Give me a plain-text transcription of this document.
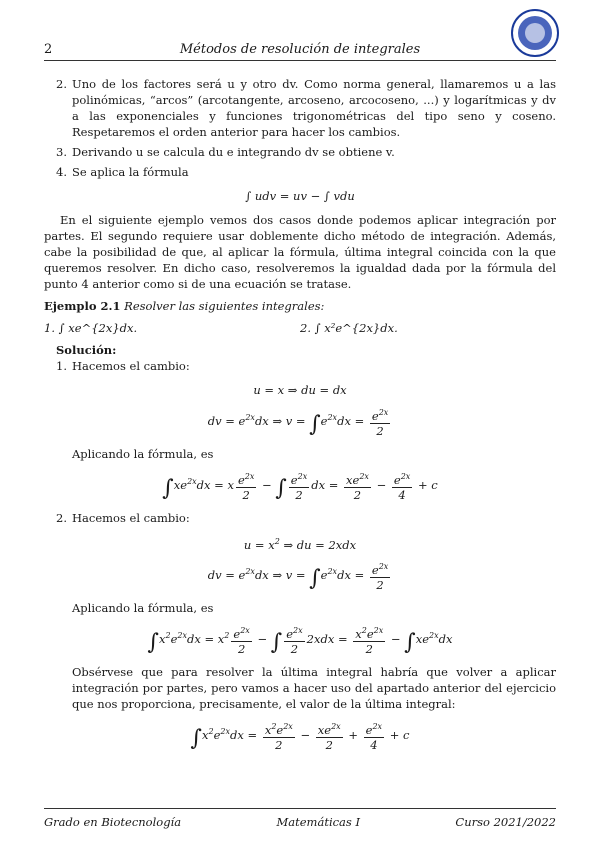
2	Métodos de resolución de integrales
2. Uno de los factores será u y otro dv. Como norma general, llamaremos u a las polinómicas, “arcos” (arcotangente, arcoseno, arcocoseno, ...) y logarítmicas y dv a las exponenciales y funciones trigonométricas del tipo seno y coseno. Respetaremos el orden anterior para hacer los cambios.
3. Derivando u se calcula du e integrando dv se obtiene v.
4. Se aplica la fórmula
∫ udv = uv − ∫ vdu
En el siguiente ejemplo vemos dos casos donde podemos aplicar integración por partes. El segundo requiere usar doblemente dicho método de integración. Además, cabe la posibilidad de que, al aplicar la fórmula, última integral coincida con la que queremos resolver. En dicho caso, resolveremos la igualdad dada por la fórmula del punto 4 anterior como si de una ecuación se tratase.
Ejemplo 2.1 Resolver las siguientes integrales:
1. ∫ xe^{2x}dx.	2. ∫ x²e^{2x}dx.
Solución:
1. Hacemos el cambio:
u = x ⇒ du = dx
dv = $e^{2x}dx$ ⇒ $v = \int e^{2x}dx = \frac{e^{2x}}{2}$
Aplicando la fórmula, es
$\int xe^{2x}dx = x \frac{e^{2x}}{2}$ − ∫ $\frac{e^{2x}}{2}$ dx = $\frac{xe^{2x}}{2} - \frac{e^{2x}}{4} + c$
2. Hacemos el cambio:
$u = x^2$ ⇒ du = 2xdx
dv = $e^{2x}dx$ ⇒ $v = \int e^{2x}dx = \frac{e^{2x}}{2}$
Aplicando la fórmula, es
$\int x^2e^{2x}dx = x^2 \frac{e^{2x}}{2}$ − ∫ $\frac{e^{2x}}{2} 2xdx = \frac{x^2e^{2x}}{2} - \int xe^{2x}dx$
Obsérvese que para resolver la última integral habría que volver a aplicar integración por partes, pero vamos a hacer uso del apartado anterior del ejercicio que nos proporciona, precisamente, el valor de la última integral:
$\int x^2e^{2x}dx = \frac{x^2e^{2x}}{2} - \frac{xe^{2x}}{2} + \frac{e^{2x}}{4} + c$
Grado en Biotecnología	Matemáticas I	Curso 2021/2022
